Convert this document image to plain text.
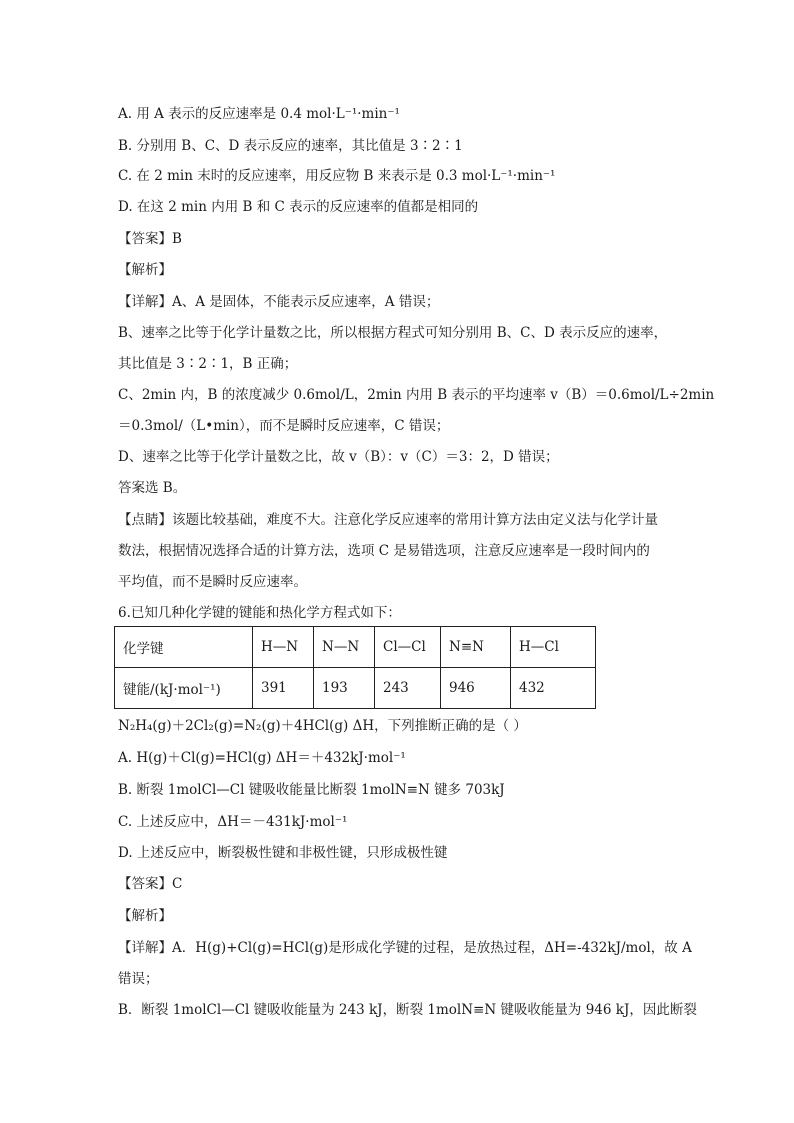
A. 用 A 表示的反应速率是 0.4 mol·L⁻¹·min⁻¹
B. 分别用 B、C、D 表示反应的速率，其比值是 3∶2∶1
C. 在 2 min 末时的反应速率，用反应物 B 来表示是 0.3 mol·L⁻¹·min⁻¹
D. 在这 2 min 内用 B 和 C 表示的反应速率的值都是相同的
【答案】B
【解析】
【详解】A、A 是固体，不能表示反应速率，A 错误；
B、速率之比等于化学计量数之比，所以根据方程式可知分别用 B、C、D 表示反应的速率，
其比值是 3∶2∶1，B 正确；
C、2min 内，B 的浓度减少 0.6mol/L，2min 内用 B 表示的平均速率 v（B）＝0.6mol/L÷2min
＝0.3mol/（L•min），而不是瞬时反应速率，C 错误；
D、速率之比等于化学计量数之比，故 v（B）：v（C）＝3：2，D 错误；
答案选 B。
【点睛】该题比较基础，难度不大。注意化学反应速率的常用计算方法由定义法与化学计量
数法，根据情况选择合适的计算方法，选项 C 是易错选项，注意反应速率是一段时间内的
平均值，而不是瞬时反应速率。
6.已知几种化学键的键能和热化学方程式如下：
化学键	H—N	N—N	Cl—Cl	N≡N	H—Cl
键能/(kJ·mol⁻¹)	391	193	243	946	432
N₂H₄(g)＋2Cl₂(g)=N₂(g)＋4HCl(g) ΔH，下列推断正确的是（ ）
A. H(g)＋Cl(g)=HCl(g) ΔH＝＋432kJ·mol⁻¹
B. 断裂 1molCl—Cl 键吸收能量比断裂 1molN≡N 键多 703kJ
C. 上述反应中，ΔH＝－431kJ·mol⁻¹
D. 上述反应中，断裂极性键和非极性键，只形成极性键
【答案】C
【解析】
【详解】A．H(g)+Cl(g)=HCl(g)是形成化学键的过程，是放热过程，ΔH=-432kJ/mol，故 A
错误；
B．断裂 1molCl—Cl 键吸收能量为 243 kJ，断裂 1molN≡N 键吸收能量为 946 kJ，因此断裂
